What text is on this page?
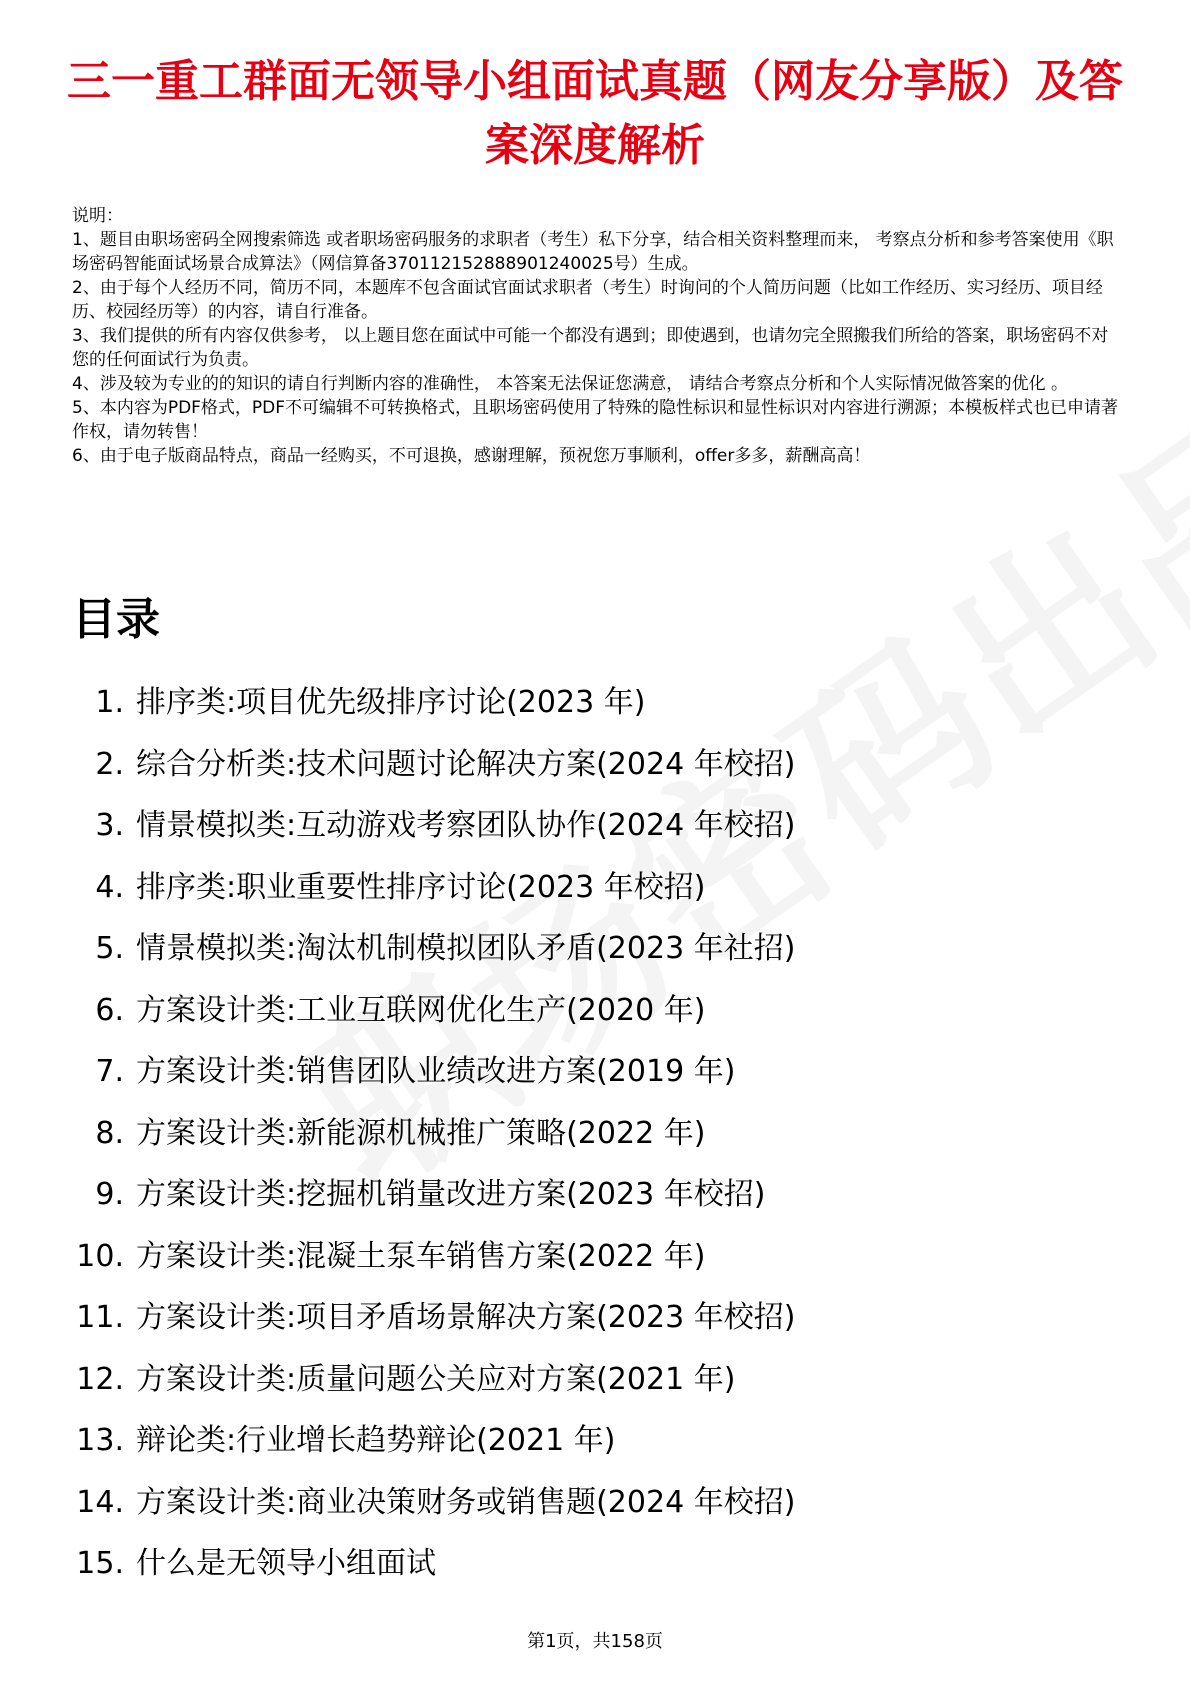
三一重工群面无领导小组面试真题（网友分享版）及答案深度解析

说明：

1、题目由职场密码全网搜索筛选 或者职场密码服务的求职者（考生）私下分享，结合相关资料整理而来， 考察点分析和参考答案使用《职场密码智能面试场景合成算法》（网信算备370112152888901240025号）生成。

2、由于每个人经历不同，简历不同，本题库不包含面试官面试求职者（考生）时询问的个人简历问题（比如工作经历、实习经历、项目经历、校园经历等）的内容，请自行准备。

3、我们提供的所有内容仅供参考， 以上题目您在面试中可能一个都没有遇到；即使遇到，也请勿完全照搬我们所给的答案，职场密码不对您的任何面试行为负责。

4、涉及较为专业的的知识的请自行判断内容的准确性， 本答案无法保证您满意， 请结合考察点分析和个人实际情况做答案的优化 。

5、本内容为PDF格式，PDF不可编辑不可转换格式，且职场密码使用了特殊的隐性标识和显性标识对内容进行溯源；本模板样式也已申请著作权，请勿转售！

6、由于电子版商品特点，商品一经购买，不可退换，感谢理解，预祝您万事顺利，offer多多，薪酬高高！

目录
1. 排序类:项目优先级排序讨论(2023 年)
2. 综合分析类:技术问题讨论解决方案(2024 年校招)
3. 情景模拟类:互动游戏考察团队协作(2024 年校招)
4. 排序类:职业重要性排序讨论(2023 年校招)
5. 情景模拟类:淘汰机制模拟团队矛盾(2023 年社招)
6. 方案设计类:工业互联网优化生产(2020 年)
7. 方案设计类:销售团队业绩改进方案(2019 年)
8. 方案设计类:新能源机械推广策略(2022 年)
9. 方案设计类:挖掘机销量改进方案(2023 年校招)
10. 方案设计类:混凝土泵车销售方案(2022 年)
11. 方案设计类:项目矛盾场景解决方案(2023 年校招)
12. 方案设计类:质量问题公关应对方案(2021 年)
13. 辩论类:行业增长趋势辩论(2021 年)
14. 方案设计类:商业决策财务或销售题(2024 年校招)
15. 什么是无领导小组面试

第1页，共158页
